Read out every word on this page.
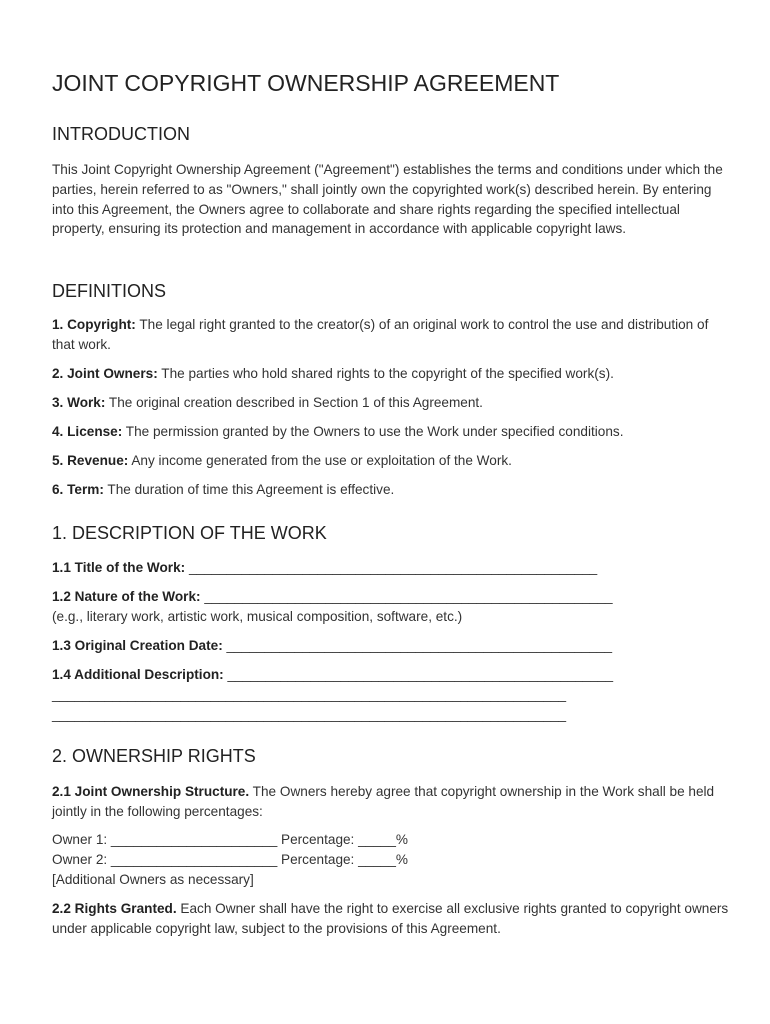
JOINT COPYRIGHT OWNERSHIP AGREEMENT
INTRODUCTION

This Joint Copyright Ownership Agreement ("Agreement") establishes the terms and conditions under which the parties, herein referred to as "Owners," shall jointly own the copyrighted work(s) described herein. By entering into this Agreement, the Owners agree to collaborate and share rights regarding the specified intellectual property, ensuring its protection and management in accordance with applicable copyright laws.

DEFINITIONS

1. Copyright: The legal right granted to the creator(s) of an original work to control the use and distribution of that work.

2. Joint Owners: The parties who hold shared rights to the copyright of the specified work(s).

3. Work: The original creation described in Section 1 of this Agreement.

4. License: The permission granted by the Owners to use the Work under specified conditions.

5. Revenue: Any income generated from the use or exploitation of the Work.

6. Term: The duration of time this Agreement is effective.

1. DESCRIPTION OF THE WORK

1.1 Title of the Work: ______________________________________________________

1.2 Nature of the Work: ______________________________________________________

(e.g., literary work, artistic work, musical composition, software, etc.)

1.3 Original Creation Date: ___________________________________________________

1.4 Additional Description: ___________________________________________________

____________________________________________________________________

____________________________________________________________________

2. OWNERSHIP RIGHTS

2.1 Joint Ownership Structure. The Owners hereby agree that copyright ownership in the Work shall be held jointly in the following percentages:

Owner 1: ______________________ Percentage: _____%

Owner 2: ______________________ Percentage: _____%

[Additional Owners as necessary]

2.2 Rights Granted. Each Owner shall have the right to exercise all exclusive rights granted to copyright owners under applicable copyright law, subject to the provisions of this Agreement.
